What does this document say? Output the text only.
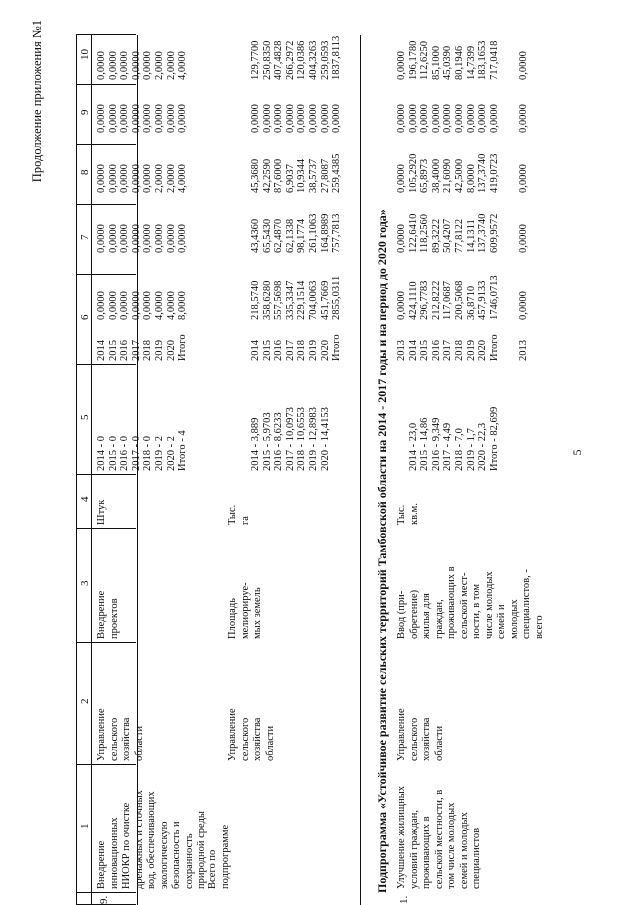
5
Продолжение приложения №1
1
2
3
4
5
6
7
8
9
10
9.
Внедрение
инновационных
НИОКР по очистке
дренажных и сточных
вод, обеспечивающих
экологическую
безопасность и
сохранность
природной среды
Управление
сельского
хозяйства
области
Внедрение
проектов
Штук
2014 - 0
2015 - 0
2016 - 0
2017 - 0
2018 - 0
2019 - 2
2020 - 2
Итого - 4
2014
2015
2016
2017
2018
2019
2020
Итого
0,0000
0,0000
0,0000
0,0000
0,0000
4,0000
4,0000
8,0000
0,0000
0,0000
0,0000
0,0000
0,0000
0,0000
0,0000
0,0000
0,0000
0,0000
0,0000
0,0000
0,0000
2,0000
2,0000
4,0000
0,0000
0,0000
0,0000
0,0000
0,0000
0,0000
0,0000
0,0000
0,0000
0,0000
0,0000
0,0000
0,0000
2,0000
2,0000
4,0000
Всего по
подпрограмме
Управление
сельского
хозяйства
области
Площадь
мелиорируе-
мых земель
Тыс.
га
2014 - 3,889
2015 - 5,9703
2016 - 8,6233
2017 - 10,0973
2018 - 10,6553
2019 - 12,8983
2020 - 14,4153
2014
2015
2016
2017
2018
2019
2020
Итого
218,5740
358,6280
557,5698
335,3347
229,1514
704,0063
451,7669
2855,0311
43,4360
65,5430
62,4870
62,1338
98,1774
261,1063
164,8989
757,7813
45,3680
42,2590
87,6000
6,9037
10,9344
38,5737
27,8087
259,4385
0,0000
0,0000
0,0000
0,0000
0,0000
0,0000
0,0000
0,0000
129,7700
250,8350
407,4828
266,2972
120,0386
404,3263
259,0593
1837,8113
Подпрограмма «Устойчивое развитие сельских территорий Тамбовской области на 2014 - 2017 годы и на период до 2020 года»
1.
Улучшение жилищных
условий граждан,
проживающих в
сельской местности, в
том числе молодых
семей и молодых
специалистов
Управление
сельского
хозяйства
области
Ввод (при-
обретение)
жилья для
граждан,
проживающих в
сельской мест-
ности, в том
числе молодых
семей и
молодых
специалистов, -
всего
Тыс.
кв.м.

2014 - 23,0
2015 - 14,86
2016 - 9,349
2017 - 4,49
2018 - 7,0
2019 - 1,7
2020 - 22,3
Итого - 82,699
2013
2014
2015
2016
2017
2018
2019
2020
Итого
0,0000
424,1110
296,7783
212,8222
117,0687
200,5068
36,8710
457,9133
1746,0713
0,0000
122,6410
118,2560
89,3222
50,4207
77,8122
14,1311
137,3740
609,9572
0,0000
105,2920
65,8973
38,4000
21,6090
42,5000
8,0000
137,3740
419,0723
0,0000
0,0000
0,0000
0,0000
0,0000
0,0000
0,0000
0,0000
0,0000
0,0000
196,1780
112,6250
85,1000
45,0390
80,1946
14,7399
183,1653
717,0418
2013
0,0000
0,0000
0,0000
0,0000
0,0000
